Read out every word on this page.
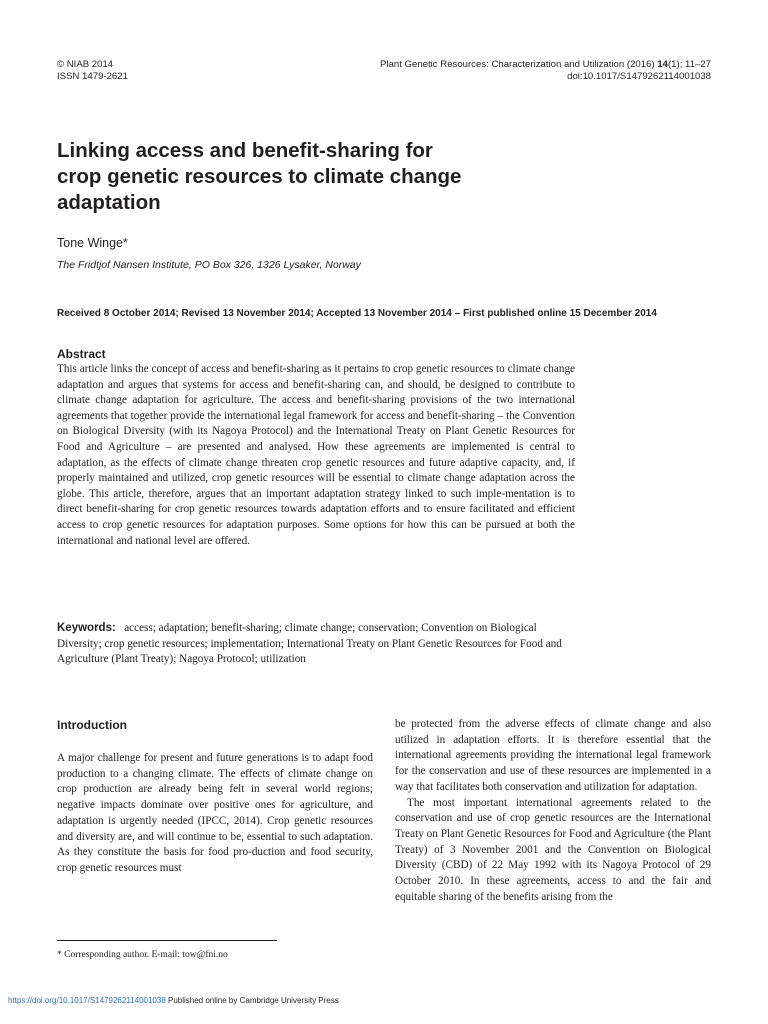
© NIAB 2014
ISSN 1479-2621
Plant Genetic Resources: Characterization and Utilization (2016) 14(1); 11–27
doi:10.1017/S1479262114001038
Linking access and benefit-sharing for crop genetic resources to climate change adaptation
Tone Winge*
The Fridtjof Nansen Institute, PO Box 326, 1326 Lysaker, Norway
Received 8 October 2014; Revised 13 November 2014; Accepted 13 November 2014 – First published online 15 December 2014
Abstract

This article links the concept of access and benefit-sharing as it pertains to crop genetic resources to climate change adaptation and argues that systems for access and benefit-sharing can, and should, be designed to contribute to climate change adaptation for agriculture. The access and benefit-sharing provisions of the two international agreements that together provide the international legal framework for access and benefit-sharing – the Convention on Biological Diversity (with its Nagoya Protocol) and the International Treaty on Plant Genetic Resources for Food and Agriculture – are presented and analysed. How these agreements are implemented is central to adaptation, as the effects of climate change threaten crop genetic resources and future adaptive capacity, and, if properly maintained and utilized, crop genetic resources will be essential to climate change adaptation across the globe. This article, therefore, argues that an important adaptation strategy linked to such imple-mentation is to direct benefit-sharing for crop genetic resources towards adaptation efforts and to ensure facilitated and efficient access to crop genetic resources for adaptation purposes. Some options for how this can be pursued at both the international and national level are offered.

Keywords: access; adaptation; benefit-sharing; climate change; conservation; Convention on Biological Diversity; crop genetic resources; implementation; International Treaty on Plant Genetic Resources for Food and Agriculture (Plant Treaty); Nagoya Protocol; utilization

Introduction

A major challenge for present and future generations is to adapt food production to a changing climate. The effects of climate change on crop production are already being felt in several world regions; negative impacts dominate over positive ones for agriculture, and adaptation is urgently needed (IPCC, 2014). Crop genetic resources and diversity are, and will continue to be, essential to such adaptation. As they constitute the basis for food pro-duction and food security, crop genetic resources must

be protected from the adverse effects of climate change and also utilized in adaptation efforts. It is therefore essential that the international agreements providing the international legal framework for the conservation and use of these resources are implemented in a way that facilitates both conservation and utilization for adaptation.

The most important international agreements related to the conservation and use of crop genetic resources are the International Treaty on Plant Genetic Resources for Food and Agriculture (the Plant Treaty) of 3 November 2001 and the Convention on Biological Diversity (CBD) of 22 May 1992 with its Nagoya Protocol of 29 October 2010. In these agreements, access to and the fair and equitable sharing of the benefits arising from the

* Corresponding author. E-mail: tow@fni.no
https://doi.org/10.1017/S1479262114001038 Published online by Cambridge University Press
